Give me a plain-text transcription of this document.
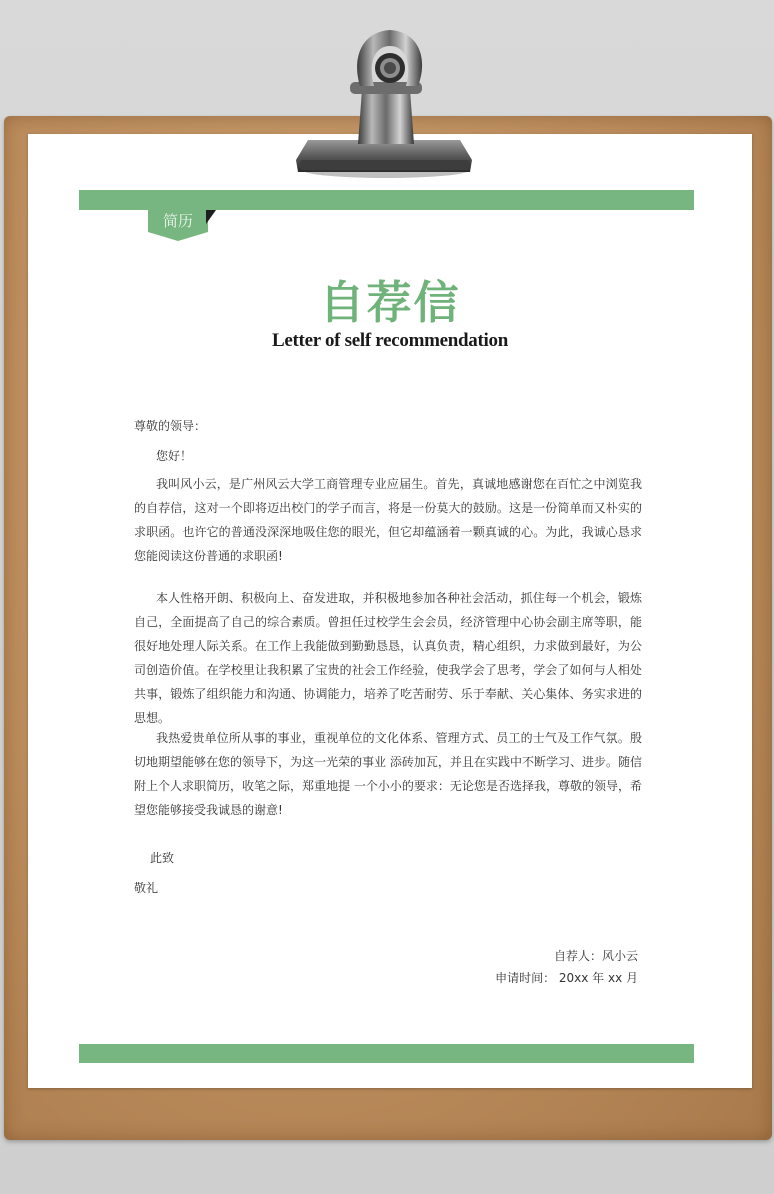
简历
自荐信
Letter of self recommendation
尊敬的领导：
您好！
我叫风小云，是广州风云大学工商管理专业应届生。首先，真诚地感谢您在百忙之中浏览我的自荐信，这对一个即将迈出校门的学子而言，将是一份莫大的鼓励。这是一份简单而又朴实的求职函。也许它的普通没深深地吸住您的眼光，但它却蕴涵着一颗真诚的心。为此，我诚心恳求您能阅读这份普通的求职函!
本人性格开朗、积极向上、奋发进取，并积极地参加各种社会活动，抓住每一个机会，锻炼自己，全面提高了自己的综合素质。曾担任过校学生会会员，经济管理中心协会副主席等职，能很好地处理人际关系。在工作上我能做到勤勤恳恳，认真负责，精心组织，力求做到最好，为公司创造价值。在学校里让我积累了宝贵的社会工作经验，使我学会了思考，学会了如何与人相处共事，锻炼了组织能力和沟通、协调能力，培养了吃苦耐劳、乐于奉献、关心集体、务实求进的思想。
我热爱贵单位所从事的事业，重视单位的文化体系、管理方式、员工的士气及工作气氛。殷切地期望能够在您的领导下，为这一光荣的事业 添砖加瓦，并且在实践中不断学习、进步。随信附上个人求职简历，收笔之际，郑重地提 一个小小的要求：无论您是否选择我，尊敬的领导，希望您能够接受我诚恳的谢意!
此致
敬礼
自荐人：风小云
申请时间： 20xx 年 xx 月
